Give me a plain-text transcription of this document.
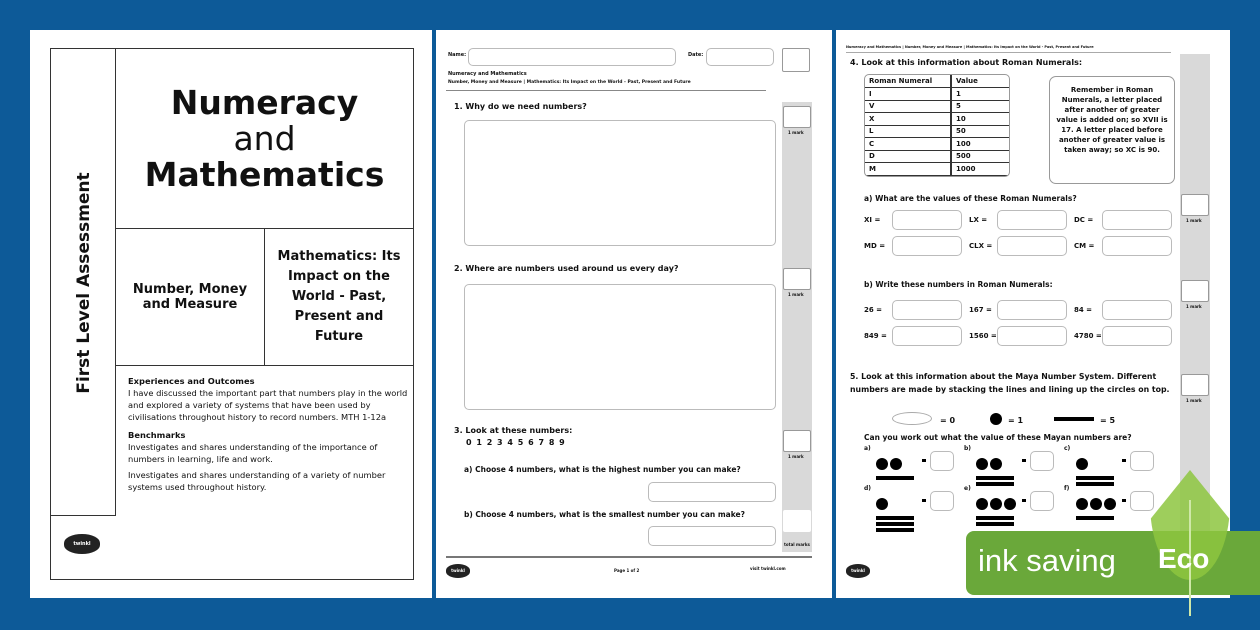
First Level Assessment
twinkl
Numeracy
and
Mathematics
Number, Money and Measure
Mathematics: Its Impact on the World - Past, Present and Future
Experiences and Outcomes
I have discussed the important part that numbers play in the world and explored a variety of systems that have been used by civilisations throughout history to record numbers. MTH 1-12a
Benchmarks
Investigates and shares understanding of the importance of numbers in learning, life and work.
Investigates and shares understanding of a variety of number systems used throughout history.
Name:	Date:
Numeracy and Mathematics
Number, Money and Measure | Mathematics: Its Impact on the World - Past, Present and Future
1 mark
1 mark
1 mark
total marks
1. Why do we need numbers?
2. Where are numbers used around us every day?
3. Look at these numbers:
0 1 2 3 4 5 6 7 8 9
a) Choose 4 numbers, what is the highest number you can make?
b) Choose 4 numbers, what is the smallest number you can make?
twinkl	Page 1 of 2	visit twinkl.com
Numeracy and Mathematics | Number, Money and Measure | Mathematics: Its Impact on the World - Past, Present and Future
1 mark
1 mark
1 mark
4. Look at this information about Roman Numerals:
Roman Numeral	Value
I	1
V	5
X	10
L	50
C	100
D	500
M	1000
Remember in Roman Numerals, a letter placed after another of greater value is added on; so XVII is 17. A letter placed before another of greater value is taken away; so XC is 90.
a) What are the values of these Roman Numerals?
XI =	LX =	DC =
MD =	CLX =	CM =
b) Write these numbers in Roman Numerals:
26 =	167 =	84 =
849 =	1560 =	4780 =
5. Look at this information about the Maya Number System. Different numbers are made by stacking the lines and lining up the circles on top.
= 0	= 1	= 5
Can you work out what the value of these Mayan numbers are?
a)	b)	c)
d)	e)	f)
twinkl	ink saving Eco
